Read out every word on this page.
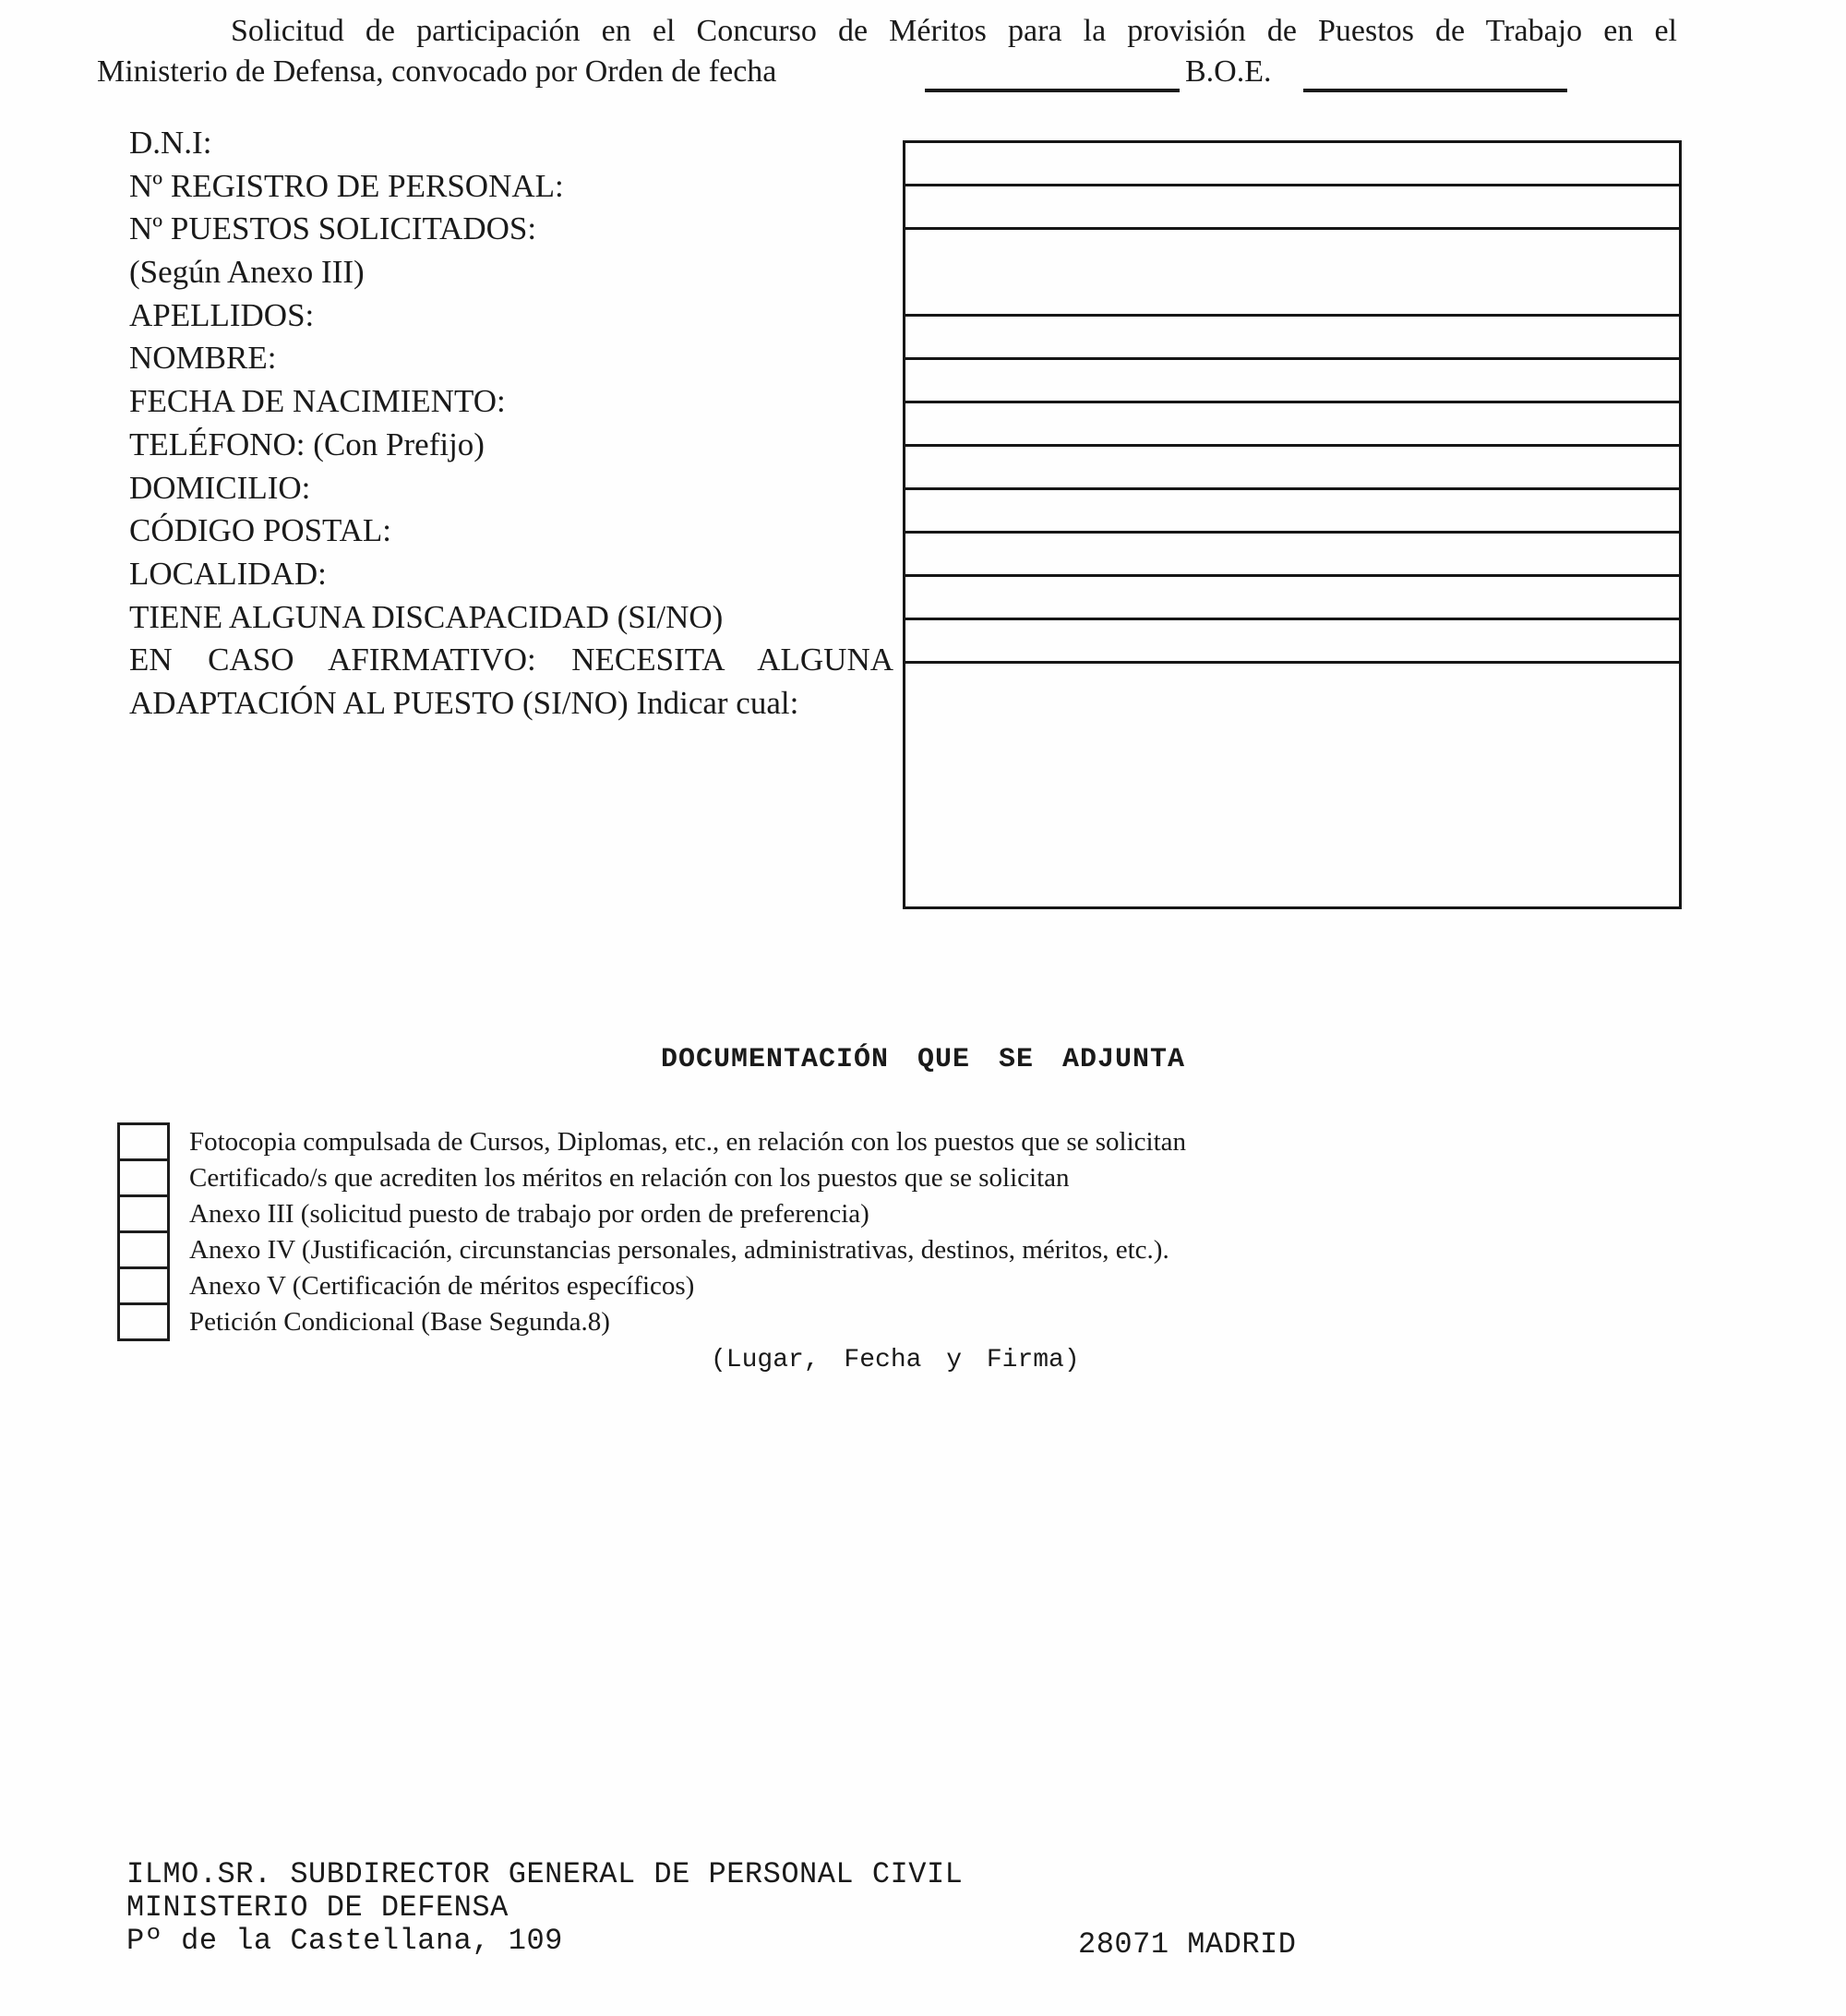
Solicitud de participación en el Concurso de Méritos para la provisión de Puestos de Trabajo en el
Ministerio de Defensa, convocado por Orden de fecha	B.O.E.
D.N.I:
Nº REGISTRO DE PERSONAL:
Nº PUESTOS SOLICITADOS:
(Según Anexo III)
APELLIDOS:
NOMBRE:
FECHA DE NACIMIENTO:
TELÉFONO: (Con Prefijo)
DOMICILIO:
CÓDIGO POSTAL:
LOCALIDAD:
TIENE ALGUNA DISCAPACIDAD (SI/NO)
EN CASO AFIRMATIVO: NECESITA ALGUNA
ADAPTACIÓN AL PUESTO (SI/NO) Indicar cual:
DOCUMENTACIÓN QUE SE ADJUNTA
Fotocopia compulsada de Cursos, Diplomas, etc., en relación con los puestos que se solicitan
Certificado/s que acrediten los méritos en relación con los puestos que se solicitan
Anexo III (solicitud puesto de trabajo por orden de preferencia)
Anexo IV (Justificación, circunstancias personales, administrativas, destinos, méritos, etc.).
Anexo V (Certificación de méritos específicos)
Petición Condicional (Base Segunda.8)
(Lugar, Fecha y Firma)
ILMO.SR. SUBDIRECTOR GENERAL DE PERSONAL CIVIL
MINISTERIO DE DEFENSA
Pº de la Castellana, 109	28071 MADRID
